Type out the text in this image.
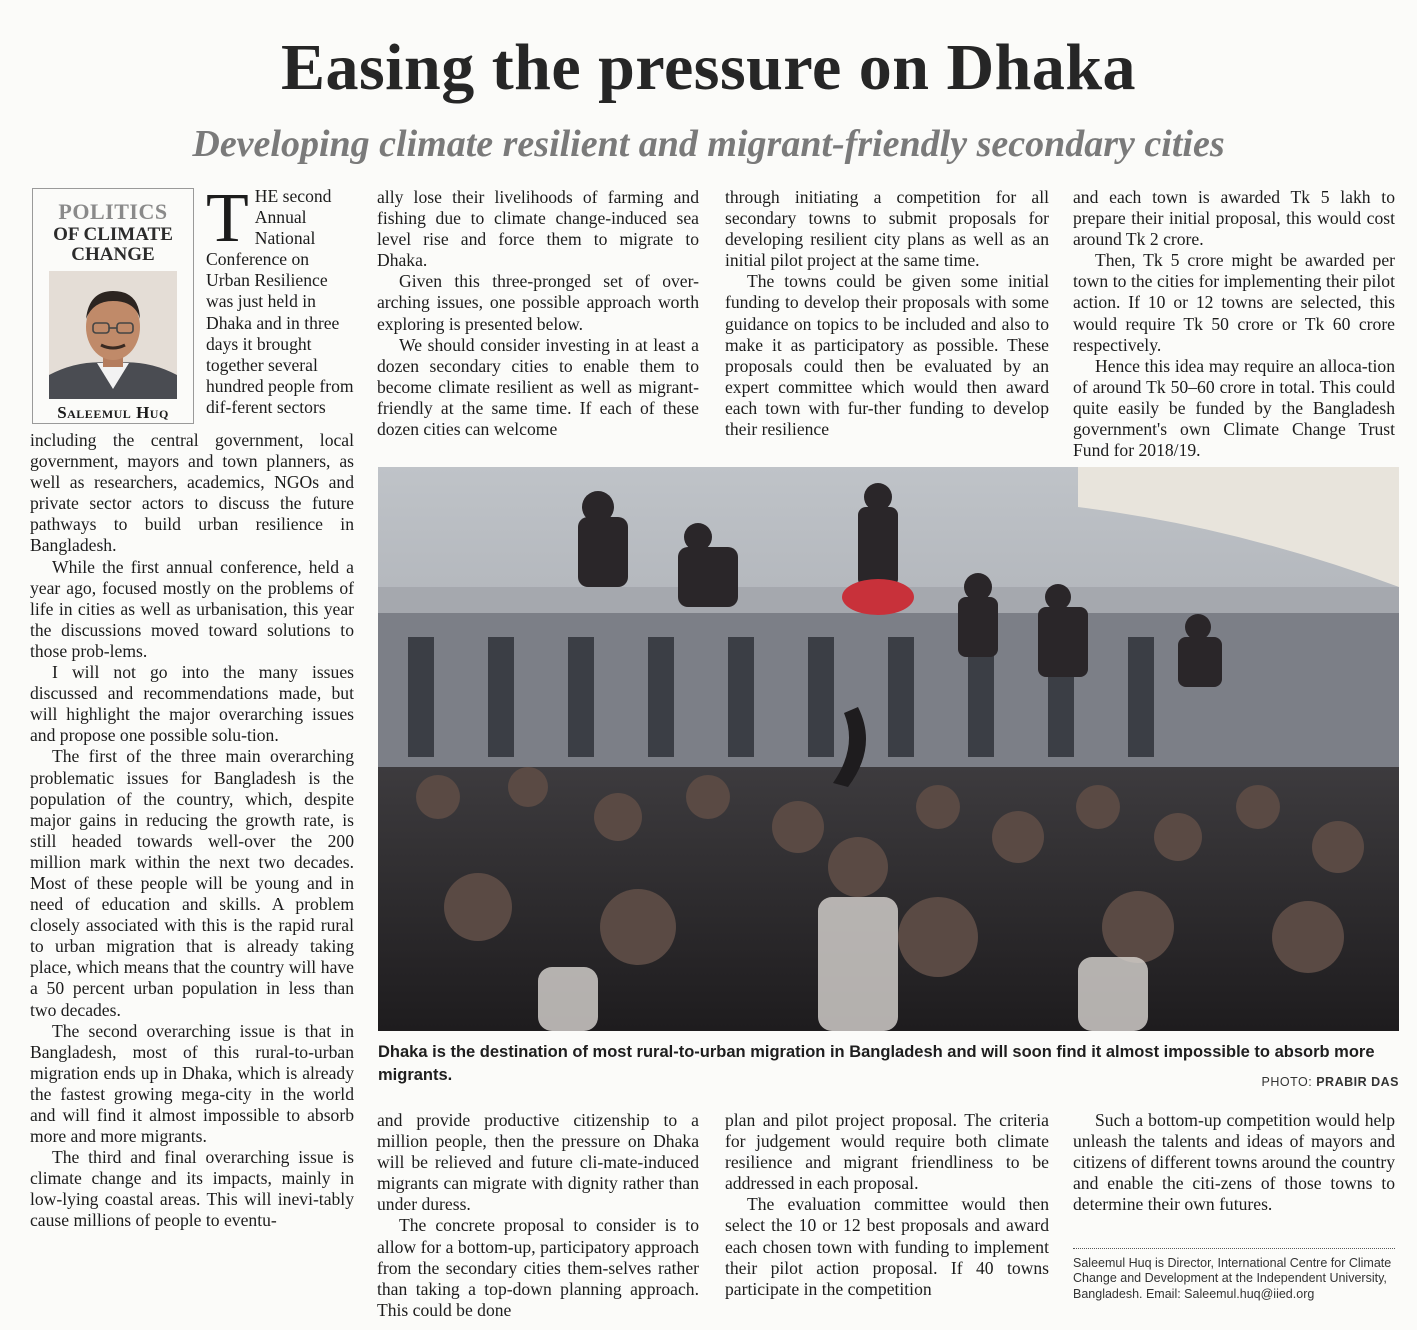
Easing the pressure on Dhaka
Developing climate resilient and migrant-friendly secondary cities
POLITICS
OF CLIMATE
CHANGE
Saleemul Huq
THE second Annual National Conference on Urban Resilience was just held in Dhaka and in three days it brought together several hundred people from dif-ferent sectors

including the central government, local government, mayors and town planners, as well as researchers, academics, NGOs and private sector actors to discuss the future pathways to build urban resilience in Bangladesh.

While the first annual conference, held a year ago, focused mostly on the problems of life in cities as well as urbanisation, this year the discussions moved toward solutions to those prob-lems.

I will not go into the many issues discussed and recommendations made, but will highlight the major overarching issues and propose one possible solu-tion.

The first of the three main overarching problematic issues for Bangladesh is the population of the country, which, despite major gains in reducing the growth rate, is still headed towards well-over the 200 million mark within the next two decades. Most of these people will be young and in need of education and skills. A problem closely associated with this is the rapid rural to urban migration that is already taking place, which means that the country will have a 50 percent urban population in less than two decades.

The second overarching issue is that in Bangladesh, most of this rural-to-urban migration ends up in Dhaka, which is already the fastest growing mega-city in the world and will find it almost impossible to absorb more and more migrants.

The third and final overarching issue is climate change and its impacts, mainly in low-lying coastal areas. This will inevi-tably cause millions of people to eventu-

ally lose their livelihoods of farming and fishing due to climate change-induced sea level rise and force them to migrate to Dhaka.

Given this three-pronged set of over-arching issues, one possible approach worth exploring is presented below.

We should consider investing in at least a dozen secondary cities to enable them to become climate resilient as well as migrant-friendly at the same time. If each of these dozen cities can welcome

through initiating a competition for all secondary towns to submit proposals for developing resilient city plans as well as an initial pilot project at the same time.

The towns could be given some initial funding to develop their proposals with some guidance on topics to be included and also to make it as participatory as possible. These proposals could then be evaluated by an expert committee which would then award each town with fur-ther funding to develop their resilience

and each town is awarded Tk 5 lakh to prepare their initial proposal, this would cost around Tk 2 crore.

Then, Tk 5 crore might be awarded per town to the cities for implementing their pilot action. If 10 or 12 towns are selected, this would require Tk 50 crore or Tk 60 crore respectively.

Hence this idea may require an alloca-tion of around Tk 50–60 crore in total. This could quite easily be funded by the Bangladesh government's own Climate Change Trust Fund for 2018/19.

Dhaka is the destination of most rural-to-urban migration in Bangladesh and will soon find it almost impossible to absorb more migrants.	PHOTO: PRABIR DAS

and provide productive citizenship to a million people, then the pressure on Dhaka will be relieved and future cli-mate-induced migrants can migrate with dignity rather than under duress.

The concrete proposal to consider is to allow for a bottom-up, participatory approach from the secondary cities them-selves rather than taking a top-down planning approach. This could be done

plan and pilot project proposal. The criteria for judgement would require both climate resilience and migrant friendliness to be addressed in each proposal.

The evaluation committee would then select the 10 or 12 best proposals and award each chosen town with funding to implement their pilot action proposal. If 40 towns participate in the competition

Such a bottom-up competition would help unleash the talents and ideas of mayors and citizens of different towns around the country and enable the citi-zens of those towns to determine their own futures.

Saleemul Huq is Director, International Centre for Climate Change and Development at the Independent University, Bangladesh. Email: Saleemul.huq@iied.org
